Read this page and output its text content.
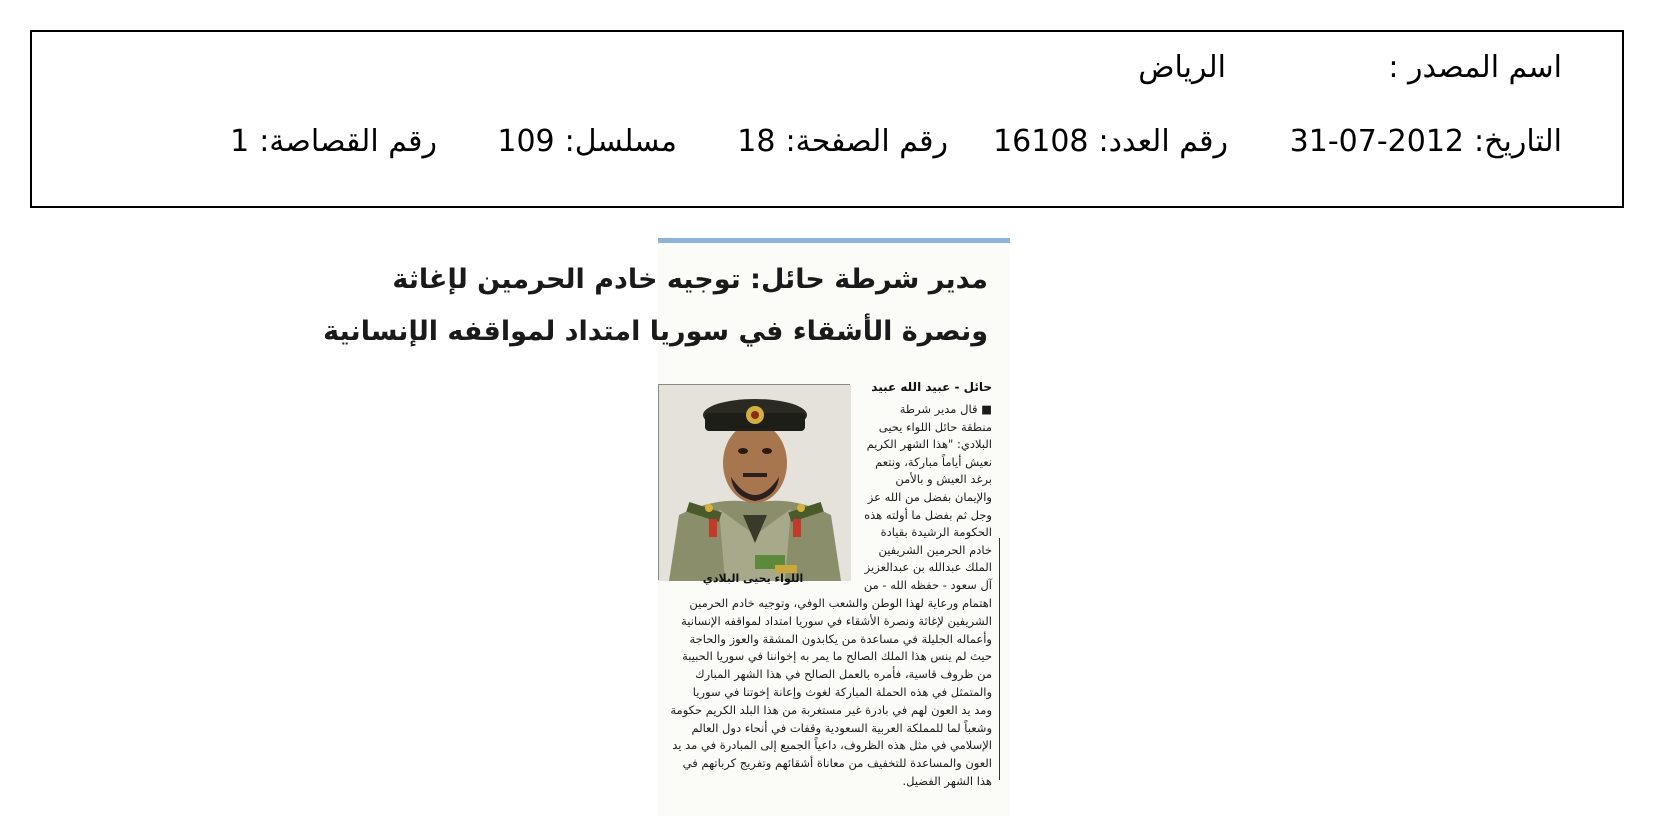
اسم المصدر :
الرياض
التاريخ:31-07-2012
رقم العدد:16108
رقم الصفحة:18
مسلسل:109
رقم القصاصة:1
مدير شرطة حائل: توجيه خادم الحرمين لإغاثة
ونصرة الأشقاء في سوريا امتداد لمواقفه الإنسانية
حائل - عبيد الله عبيد
اللواء يحيى البلادي
■ قال مدير شرطة
منطقة حائل اللواء يحيى
البلادي: "هذا الشهر الكريم
نعيش أياماً مباركة، ونتعم
برغد العيش و بالأمن
والإيمان بفضل من الله عز
وجل ثم بفضل ما أولته هذه
الحكومة الرشيدة بقيادة
خادم الحرمين الشريفين
الملك عبدالله بن عبدالعزيز
آل سعود - حفظه الله - من
اهتمام ورعاية لهذا الوطن والشعب الوفي، وتوجيه خادم الحرمين
الشريفين لإغاثة ونصرة الأشقاء في سوريا امتداد لمواقفه الإنسانية
وأعماله الجليلة في مساعدة من يكابدون المشقة والعوز والحاجة
حيث لم ينس هذا الملك الصالح ما يمر به إخواننا في سوريا الحبيبة
من ظروف قاسية، فأمره بالعمل الصالح في هذا الشهر المبارك
والمتمثل في هذه الحملة المباركة لغوث وإعانة إخوتنا في سوريا
ومد يد العون لهم في بادرة غير مستغربة من هذا البلد الكريم حكومة
وشعباً لما للمملكة العربية السعودية وقفات في أنحاء دول العالم
الإسلامي في مثل هذه الظروف، داعياً الجميع إلى المبادرة في مد يد
العون والمساعدة للتخفيف من معاناة أشقائهم وتفريج كرباتهم في
هذا الشهر الفضيل.
